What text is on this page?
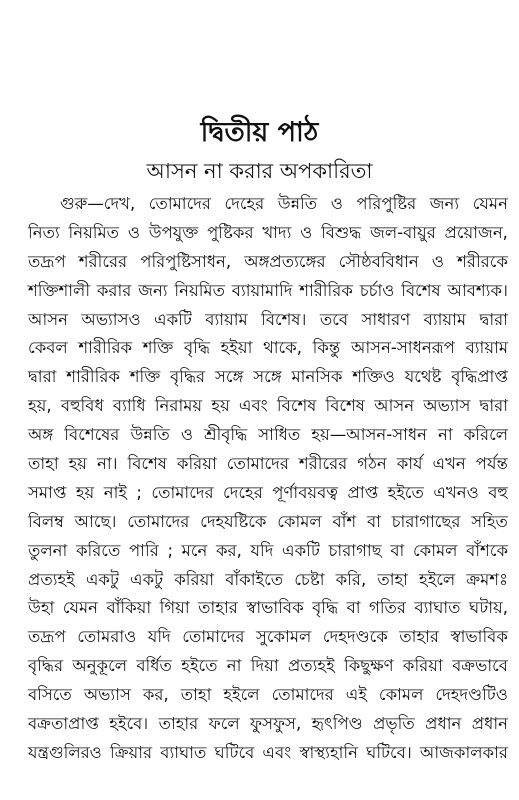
দ্বিতীয় পাঠ
আসন না করার অপকারিতা
গুরু—দেখ, তোমাদের দেহের উন্নতি ও পরিপুষ্টির জন্য যেমন
নিত্য নিয়মিত ও উপযুক্ত পুষ্টিকর খাদ্য ও বিশুদ্ধ জল-বায়ুর প্রয়োজন,
তদ্রূপ শরীরের পরিপুষ্টিসাধন, অঙ্গপ্রত্যঙ্গের সৌষ্ঠববিধান ও শরীরকে
শক্তিশালী করার জন্য নিয়মিত ব্যায়ামাদি শারীরিক চর্চাও বিশেষ আবশ্যক।
আসন অভ্যাসও একটি ব্যায়াম বিশেষ। তবে সাধারণ ব্যায়াম দ্বারা
কেবল শারীরিক শক্তি বৃদ্ধি হইয়া থাকে, কিন্তু আসন-সাধনরূপ ব্যায়াম
দ্বারা শারীরিক শক্তি বৃদ্ধির সঙ্গে সঙ্গে মানসিক শক্তিও যথেষ্ট বৃদ্ধিপ্রাপ্ত
হয়, বহুবিধ ব্যাধি নিরাময় হয় এবং বিশেষ বিশেষ আসন অভ্যাস দ্বারা
অঙ্গ বিশেষের উন্নতি ও শ্রীবৃদ্ধি সাধিত হয়—আসন-সাধন না করিলে
তাহা হয় না। বিশেষ করিয়া তোমাদের শরীরের গঠন কার্য এখন পর্যন্ত
সমাপ্ত হয় নাই ; তোমাদের দেহের পূর্ণাবয়বত্ব প্রাপ্ত হইতে এখনও বহু
বিলম্ব আছে। তোমাদের দেহযষ্টিকে কোমল বাঁশ বা চারাগাছের সহিত
তুলনা করিতে পারি ; মনে কর, যদি একটি চারাগাছ বা কোমল বাঁশকে
প্রত্যহই একটু একটু করিয়া বাঁকাইতে চেষ্টা করি, তাহা হইলে ক্রমশঃ
উহা যেমন বাঁকিয়া গিয়া তাহার স্বাভাবিক বৃদ্ধি বা গতির ব্যাঘাত ঘটায়,
তদ্রূপ তোমরাও যদি তোমাদের সুকোমল দেহদণ্ডকে তাহার স্বাভাবিক
বৃদ্ধির অনুকূলে বর্ধিত হইতে না দিয়া প্রত্যহই কিছুক্ষণ করিয়া বক্রভাবে
বসিতে অভ্যাস কর, তাহা হইলে তোমাদের এই কোমল দেহদণ্ডটিও
বক্রতাপ্রাপ্ত হইবে। তাহার ফলে ফুসফুস, হৃৎপিণ্ড প্রভৃতি প্রধান প্রধান
যন্ত্রগুলিরও ক্রিয়ার ব্যাঘাত ঘটিবে এবং স্বাস্থ্যহানি ঘটিবে। আজকালকার
